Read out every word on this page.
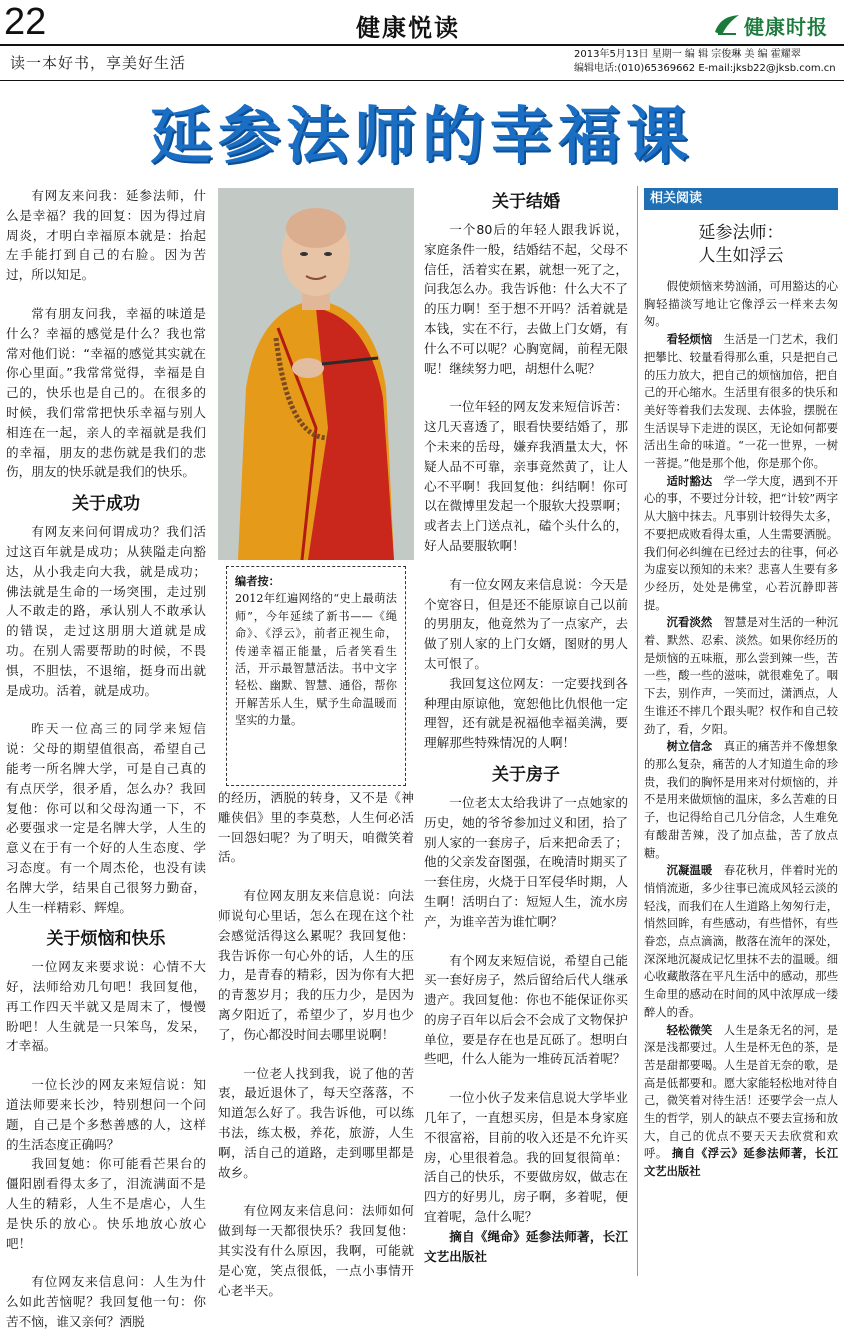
22	健康悦读	健康时报
读一本好书，享美好生活	2013年5月13日 星期一 编 辑 宗俊琳 美 编 霍耀翠
编辑电话:(010)65369662 E-mail:jksb22@jksb.com.cn
延参法师的幸福课

有网友来问我：延参法师，什么是幸福？我的回复：因为得过肩周炎，才明白幸福原本就是：抬起左手能打到自己的右脸。因为苦过，所以知足。

常有朋友问我，幸福的味道是什么？幸福的感觉是什么？我也常常对他们说：“幸福的感觉其实就在你心里面。”我常常觉得，幸福是自己的，快乐也是自己的。在很多的时候，我们常常把快乐幸福与别人相连在一起，亲人的幸福就是我们的幸福，朋友的悲伤就是我们的悲伤，朋友的快乐就是我们的快乐。

关于成功

有网友来问何谓成功？我们活过这百年就是成功；从狭隘走向豁达，从小我走向大我，就是成功；佛法就是生命的一场突围，走过别人不敢走的路，承认别人不敢承认的错误，走过这朋朋大道就是成功。在别人需要帮助的时候，不畏惧，不胆怯，不退缩，挺身而出就是成功。活着，就是成功。

昨天一位高三的同学来短信说：父母的期望值很高，希望自己能考一所名牌大学，可是自己真的有点厌学，很矛盾，怎么办？我回复他：你可以和父母沟通一下，不必要强求一定是名牌大学，人生的意义在于有一个好的人生态度、学习态度。有一个周杰伦，也没有读名牌大学，结果自己很努力勤奋，人生一样精彩、辉煌。

关于烦恼和快乐

一位网友来要求说：心情不大好，法师给劝几句吧！我回复他，再工作四天半就又是周末了，慢慢盼吧！人生就是一只笨鸟，发呆，才幸福。

一位长沙的网友来短信说：知道法师要来长沙，特别想问一个问题，自己是个多愁善感的人，这样的生活态度正确吗？

我回复她：你可能看芒果台的僵阳剧看得太多了，泪流满面不是人生的精彩，人生不是虐心，人生是快乐的放心。快乐地放心放心吧！

有位网友来信息问：人生为什么如此苦恼呢？我回复他一句：你苦不恼，谁又亲何？洒脱

编者按：
2012年红遍网络的“史上最萌法师”，今年延续了新书——《绳命》、《浮云》，前者正视生命，传递幸福正能量，后者笑看生活，开示最智慧活法。书中文字轻松、幽默、智慧、通俗，帮你开解苦乐人生，赋予生命温暖而坚实的力量。

的经历，洒脱的转身，又不是《神雕侠侣》里的李莫愁，人生何必活一回怨妇呢？为了明天，咱微笑着活。

有位网友朋友来信息说：向法师说句心里话，怎么在现在这个社会感觉活得这么累呢？我回复他：我告诉你一句心外的话，人生的压力，是青春的精彩，因为你有大把的青葱岁月；我的压力少，是因为离夕阳近了，希望少了，岁月也少了，伤心都没时间去哪里说啊！

一位老人找到我，说了他的苦衷，最近退休了，每天空落落，不知道怎么好了。我告诉他，可以练书法，练太极，养花，旅游，人生啊，活自己的道路，走到哪里都是故乡。

有位网友来信息问：法师如何做到每一天都很快乐？我回复他：其实没有什么原因，我啊，可能就是心宽，笑点很低，一点小事情开心老半天。

关于结婚

一个80后的年轻人跟我诉说，家庭条件一般，结婚结不起，父母不信任，活着实在累，就想一死了之，问我怎么办。我告诉他：什么大不了的压力啊！至于想不开吗？活着就是本钱，实在不行，去做上门女婿，有什么不可以呢？心胸宽阔，前程无限呢！继续努力吧，胡想什么呢？

一位年轻的网友发来短信诉苦：这几天喜透了，眼看快要结婚了，那个未来的岳母，嫌弃我酒量太大，怀疑人品不可靠，亲事竟然黄了，让人心不平啊！我回复他：纠结啊！你可以在微博里发起一个服软大投票啊；或者去上门送点礼，磕个头什么的，好人品要服软啊！

有一位女网友来信息说：今天是个宽容日，但是还不能原谅自己以前的男朋友，他竟然为了一点家产，去做了别人家的上门女婿，图财的男人太可恨了。

我回复这位网友：一定要找到各种理由原谅他，宽恕他比仇恨他一定理智，还有就是祝福他幸福美满，要理解那些特殊情况的人啊！

关于房子

一位老太太给我讲了一点她家的历史，她的爷爷参加过义和团，拾了别人家的一套房子，后来把命丢了；他的父亲发奋图强，在晚清时期买了一套住房，火烧于日军侵华时期，人生啊！活明白了：短短人生，流水房产，为谁辛苦为谁忙啊？

有个网友来短信说，希望自己能买一套好房子，然后留给后代人继承遗产。我回复他：你也不能保证你买的房子百年以后会不会成了文物保护单位，要是存在也是瓦砾了。想明白些吧，什么人能为一堆砖瓦活着呢？

一位小伙子发来信息说大学毕业几年了，一直想买房，但是本身家庭不很富裕，目前的收入还是不允许买房，心里很着急。我的回复很简单：活自己的快乐，不要做房奴，做志在四方的好男儿，房子啊，多着呢，便宜着呢，急什么呢？

摘自《绳命》延参法师著，长江文艺出版社

相关阅读
延参法师：
人生如浮云

假使烦恼来势汹涌，可用豁达的心胸轻描淡写地让它像浮云一样来去匆匆。

看轻烦恼　 生活是一门艺术，我们把攀比、较量看得那么重，只是把自己的压力放大，把自己的烦恼加倍，把自己的开心缩水。生活里有很多的快乐和美好等着我们去发现、去体验，摆脱在生活误导下走进的误区，无论如何都要活出生命的味道。“一花一世界，一树一菩提。”他是那个他，你是那个你。

适时豁达　 学一学大度，遇到不开心的事，不要过分计较，把“计较”两字从大脑中抹去。凡事别计较得失太多，不要把成败看得太重，人生需要洒脱。我们何必纠缠在已经过去的往事，何必为虚妄以预知的未来？悲喜人生要有多少经历，处处是佛堂，心若沉静即菩提。

沉看淡然　 智慧是对生活的一种沉着、默然、忍索、淡然。如果你经历的是烦恼的五味瓶，那么尝到辣一些，苦一些，酸一些的滋味，就很难免了。咽下去，别作声，一笑而过，潇洒点，人生谁还不摔几个跟头呢？权作和自己较劲了，看，夕阳。

树立信念　 真正的痛苦并不像想象的那么复杂，痛苦的人才知道生命的珍贵，我们的胸怀是用来对付烦恼的，并不是用来做烦恼的温床，多么苦难的日子，也记得给自己几分信念，人生难免有酸甜苦辣，没了加点盐，苦了放点糖。

沉凝温暖　 春花秋月，伴着时光的悄悄流逝，多少往事已流成风轻云淡的轻浅，而我们在人生道路上匆匆行走，悄然回眸，有些感动，有些惜怀，有些眷恋，点点滴滴，散落在流年的深处，深深地沉凝成记忆里抹不去的温暖。细心收藏散落在平凡生活中的感动，那些生命里的感动在时间的风中浓厚成一缕醉人的香。

轻松微笑　 人生是条无名的河，是深是浅都要过。人生是杯无色的茶，是苦是甜都要喝。人生是首无奈的歌，是高是低都要和。愿大家能轻松地对待自己，微笑着对待生活！还要学会一点人生的哲学，别人的缺点不要去宣扬和放大，自己的优点不要天天去欣赏和欢呼。 摘自《浮云》延参法师著，长江文艺出版社
